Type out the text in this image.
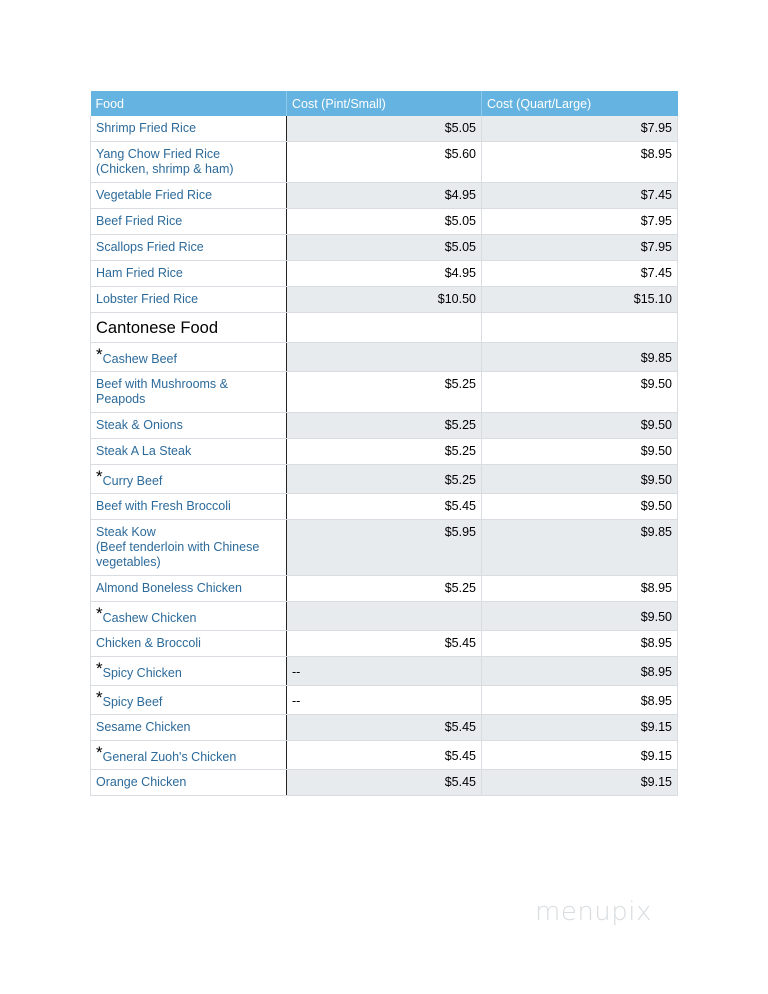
Food	Cost (Pint/Small)	Cost (Quart/Large)
Shrimp Fried Rice	$5.05	$7.95
Yang Chow Fried Rice
(Chicken, shrimp & ham)	$5.60	$8.95
Vegetable Fried Rice	$4.95	$7.45
Beef Fried Rice	$5.05	$7.95
Scallops Fried Rice	$5.05	$7.95
Ham Fried Rice	$4.95	$7.45
Lobster Fried Rice	$10.50	$15.10
Cantonese Food		
*Cashew Beef		$9.85
Beef with Mushrooms &
Peapods	$5.25	$9.50
Steak & Onions	$5.25	$9.50
Steak A La Steak	$5.25	$9.50
*Curry Beef	$5.25	$9.50
Beef with Fresh Broccoli	$5.45	$9.50
Steak Kow
(Beef tenderloin with Chinese
vegetables)	$5.95	$9.85
Almond Boneless Chicken	$5.25	$8.95
*Cashew Chicken		$9.50
Chicken & Broccoli	$5.45	$8.95
*Spicy Chicken	--	$8.95
*Spicy Beef	--	$8.95
Sesame Chicken	$5.45	$9.15
*General Zuoh's Chicken	$5.45	$9.15
Orange Chicken	$5.45	$9.15
menupix
